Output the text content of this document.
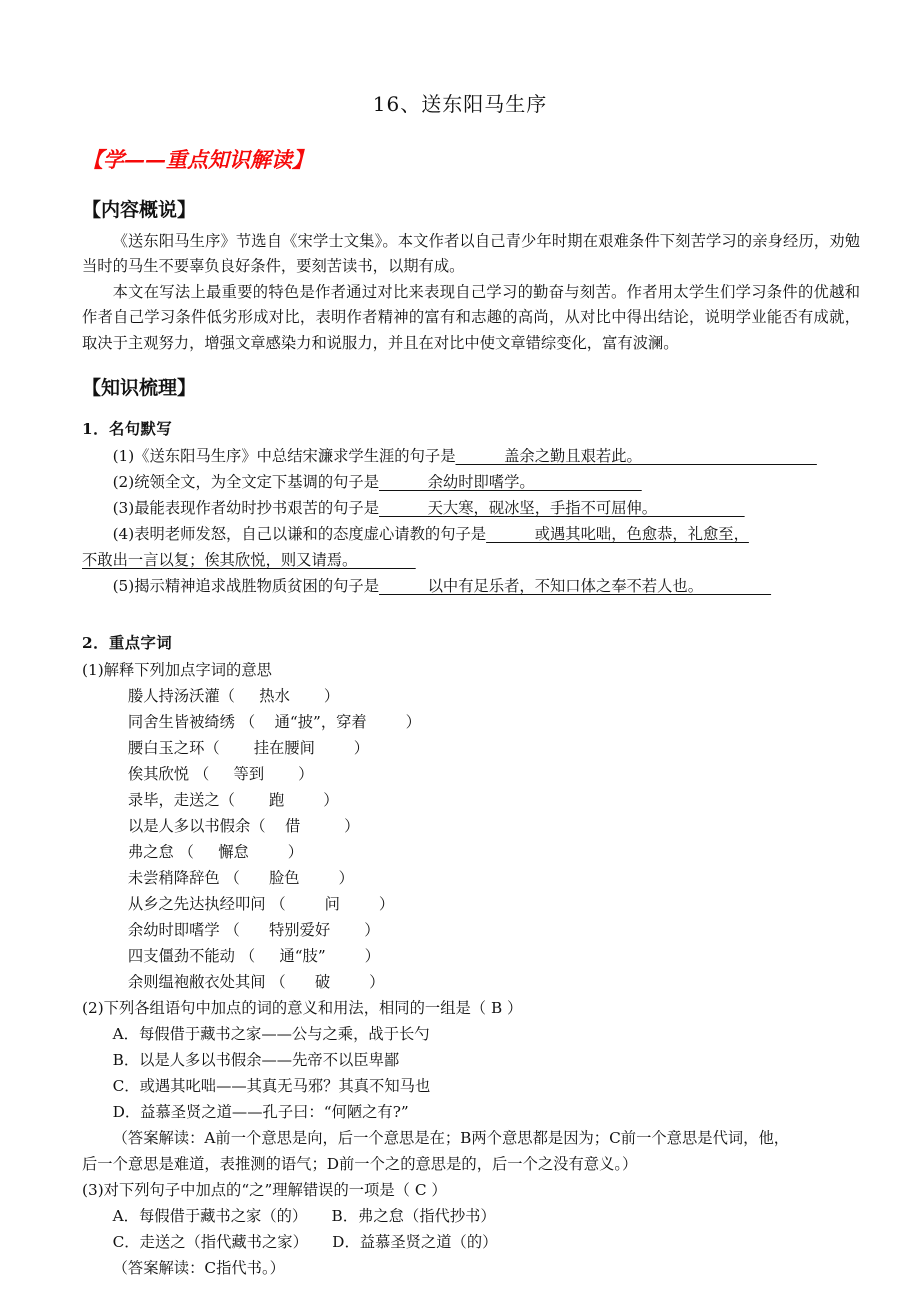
16、送东阳马生序
【学——重点知识解读】
【内容概说】

《送东阳马生序》节选自《宋学士文集》。本文作者以自己青少年时期在艰难条件下刻苦学习的亲身经历，劝勉当时的马生不要辜负良好条件，要刻苦读书，以期有成。

本文在写法上最重要的特色是作者通过对比来表现自己学习的勤奋与刻苦。作者用太学生们学习条件的优越和作者自己学习条件低劣形成对比，表明作者精神的富有和志趣的高尚，从对比中得出结论，说明学业能否有成就，取决于主观努力，增强文章感染力和说服力，并且在对比中使文章错综变化，富有波澜。

【知识梳理】
1．名句默写

(1)《送东阳马生序》中总结宋濂求学生涯的句子是          盖余之勤且艰若此。

(2)统领全文，为全文定下基调的句子是          余幼时即嗜学。

(3)最能表现作者幼时抄书艰苦的句子是          天大寒，砚冰坚，手指不可屈伸。

(4)表明老师发怒，自己以谦和的态度虚心请教的句子是          或遇其叱咄，色愈恭，礼愈至，

不敢出一言以复；俟其欣悦，则又请焉。

(5)揭示精神追求战胜物质贫困的句子是          以中有足乐者，不知口体之奉不若人也。

2．重点字词

(1)解释下列加点字词的意思

媵人持汤沃灌（     热水       ）
同舍生皆被绮绣 （    通“披”，穿着        ）
腰白玉之环（       挂在腰间        ）
俟其欣悦 （     等到       ）
录毕，走送之（       跑        ）
以是人多以书假余（    借         ）
弗之怠 （     懈怠        ）
未尝稍降辞色 （      脸色        ）
从乡之先达执经叩问 （        问        ）
余幼时即嗜学 （      特别爱好       ）
四支僵劲不能动 （     通“肢”        ）
余则缊袍敝衣处其间 （      破        ）

(2)下列各组语句中加点的词的意义和用法，相同的一组是（ B ）

A．每假借于藏书之家——公与之乘，战于长勺

B．以是人多以书假余——先帝不以臣卑鄙

C．或遇其叱咄——其真无马邪？其真不知马也

D．益慕圣贤之道——孔子曰：“何陋之有?”

（答案解读：A前一个意思是向，后一个意思是在；B两个意思都是因为；C前一个意思是代词，他，

后一个意思是难道，表推测的语气；D前一个之的意思是的，后一个之没有意义。）

(3)对下列句子中加点的“之”理解错误的一项是（ C ）

A．每假借于藏书之家（的）     B．弗之怠（指代抄书）

C．走送之（指代藏书之家）     D．益慕圣贤之道（的）

（答案解读：C指代书。）
